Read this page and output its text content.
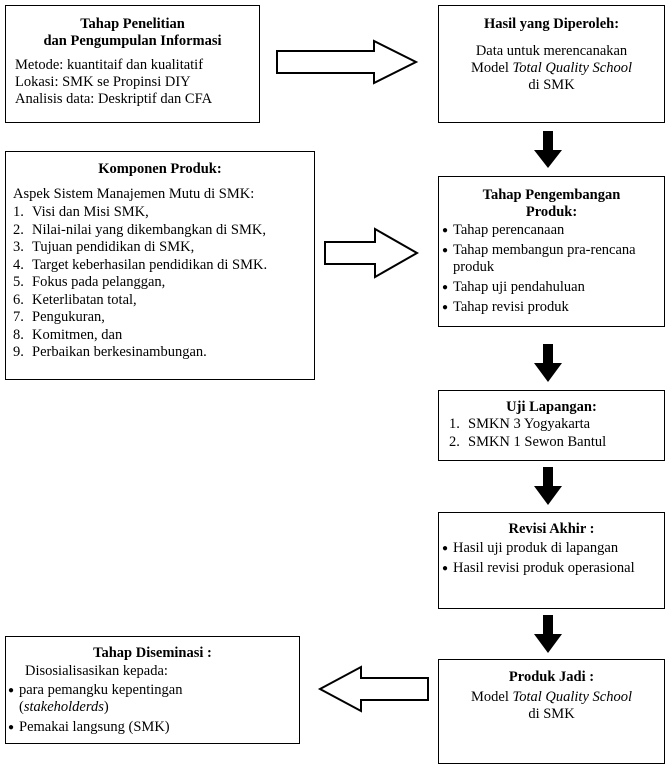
Tahap Penelitian
dan Pengumpulan Informasi
Metode: kuantitaif dan kualitatif
Lokasi: SMK se Propinsi DIY
Analisis data: Deskriptif dan CFA
Hasil yang Diperoleh:
Data untuk merencanakan
Model Total Quality School
di SMK
Komponen Produk:
Aspek Sistem Manajemen Mutu di SMK:
1. Visi dan Misi SMK,
2. Nilai-nilai yang dikembangkan di SMK,
3. Tujuan pendidikan di SMK,
4. Target keberhasilan pendidikan di SMK.
5. Fokus pada pelanggan,
6. Keterlibatan total,
7. Pengukuran,
8. Komitmen, dan
9. Perbaikan berkesinambungan.
Tahap Pengembangan
Produk:
● Tahap perencanaan
● Tahap membangun pra-rencana produk
● Tahap uji pendahuluan
● Tahap revisi produk
Uji Lapangan:
1. SMKN 3 Yogyakarta
2. SMKN 1 Sewon Bantul
Revisi Akhir :
● Hasil uji produk di lapangan
● Hasil revisi produk operasional
Produk Jadi :
Model Total Quality School
di SMK
Tahap Diseminasi :
Disosialisasikan kepada:
● para pemangku kepentingan
(stakeholderds)
● Pemakai langsung (SMK)
